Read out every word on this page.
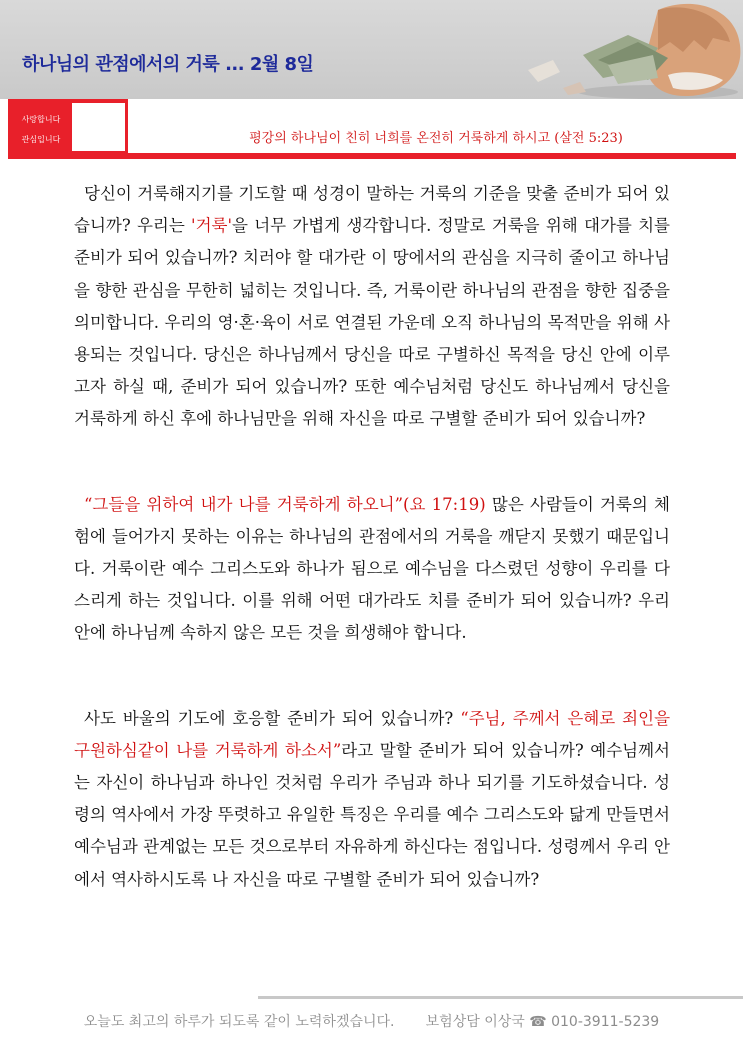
하나님의 관점에서의 거룩 ... 2월 8일
사랑합니다
관심입니다	평강의 하나님이 친히 너희를 온전히 거룩하게 하시고 (살전 5:23)

당신이 거룩해지기를 기도할 때 성경이 말하는 거룩의 기준을 맞출 준비가 되어 있습니까? 우리는 '거룩'을 너무 가볍게 생각합니다. 정말로 거룩을 위해 대가를 치를 준비가 되어 있습니까? 치러야 할 대가란 이 땅에서의 관심을 지극히 줄이고 하나님을 향한 관심을 무한히 넓히는 것입니다. 즉, 거룩이란 하나님의 관점을 향한 집중을 의미합니다. 우리의 영·혼·육이 서로 연결된 가운데 오직 하나님의 목적만을 위해 사용되는 것입니다. 당신은 하나님께서 당신을 따로 구별하신 목적을 당신 안에 이루고자 하실 때, 준비가 되어 있습니까? 또한 예수님처럼 당신도 하나님께서 당신을 거룩하게 하신 후에 하나님만을 위해 자신을 따로 구별할 준비가 되어 있습니까?

“그들을 위하여 내가 나를 거룩하게 하오니”(요 17:19) 많은 사람들이 거룩의 체험에 들어가지 못하는 이유는 하나님의 관점에서의 거룩을 깨닫지 못했기 때문입니다. 거룩이란 예수 그리스도와 하나가 됨으로 예수님을 다스렸던 성향이 우리를 다스리게 하는 것입니다. 이를 위해 어떤 대가라도 치를 준비가 되어 있습니까? 우리 안에 하나님께 속하지 않은 모든 것을 희생해야 합니다.

사도 바울의 기도에 호응할 준비가 되어 있습니까? “주님, 주께서 은혜로 죄인을 구원하심같이 나를 거룩하게 하소서”라고 말할 준비가 되어 있습니까? 예수님께서는 자신이 하나님과 하나인 것처럼 우리가 주님과 하나 되기를 기도하셨습니다. 성령의 역사에서 가장 뚜렷하고 유일한 특징은 우리를 예수 그리스도와 닮게 만들면서 예수님과 관계없는 모든 것으로부터 자유하게 하신다는 점입니다. 성령께서 우리 안에서 역사하시도록 나 자신을 따로 구별할 준비가 되어 있습니까?

오늘도 최고의 하루가 되도록 같이 노력하겠습니다. 보험상담 이상국 ☎ 010-3911-5239
